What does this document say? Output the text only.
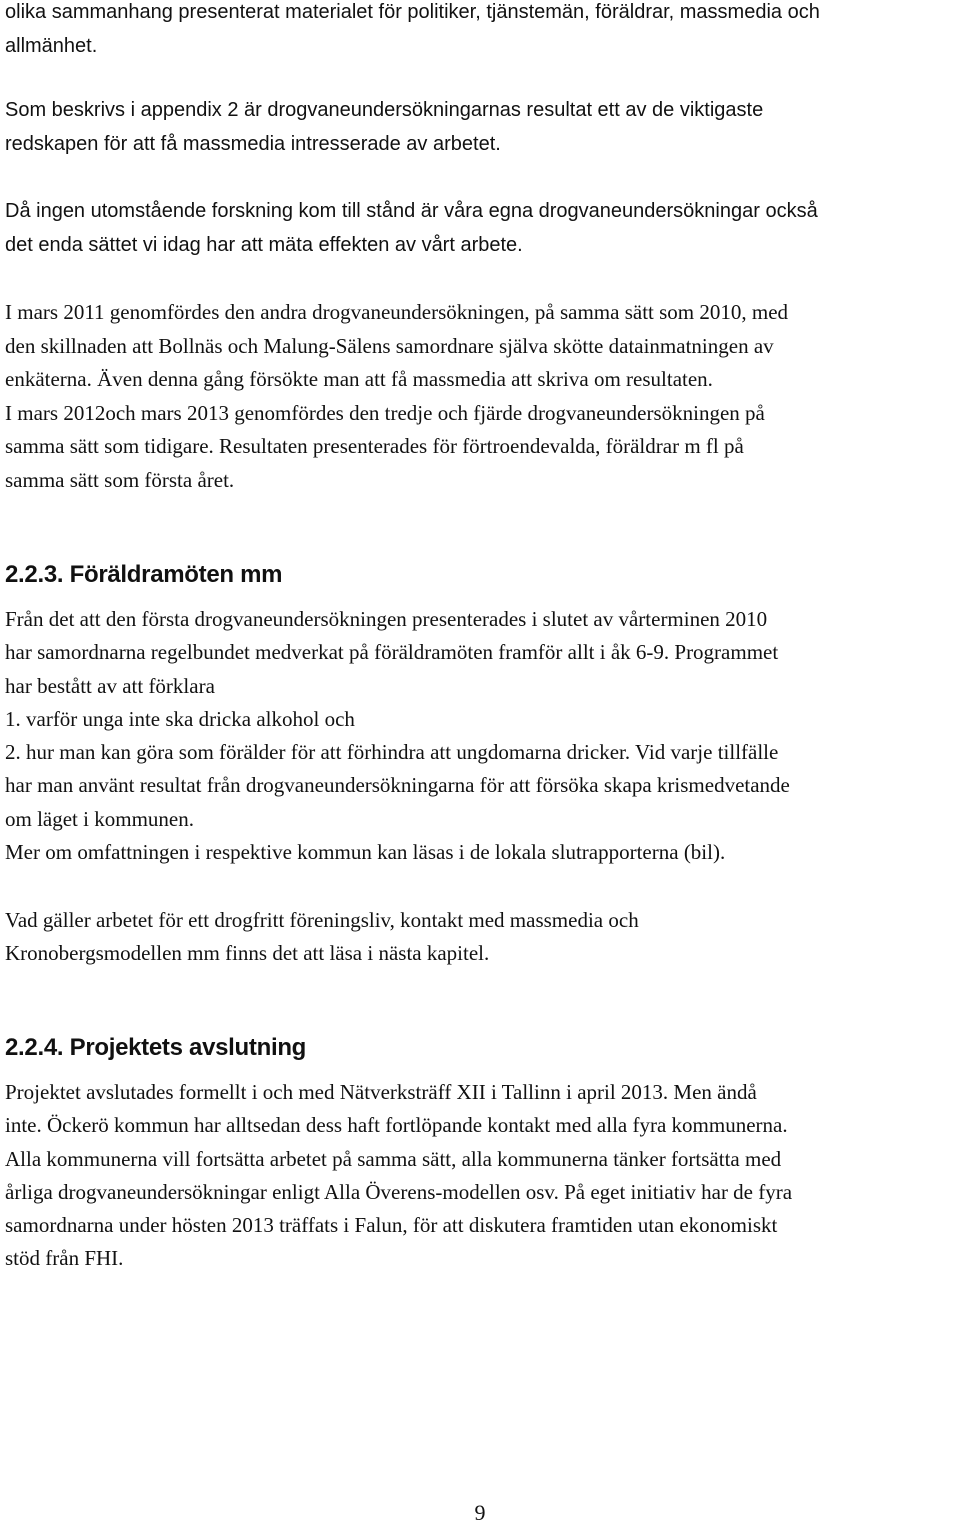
olika sammanhang presenterat materialet för politiker, tjänstemän, föräldrar, massmedia och
allmänhet.
Som beskrivs i appendix 2 är drogvaneundersökningarnas resultat ett av de viktigaste
redskapen för att få massmedia intresserade av arbetet.
Då ingen utomstående forskning kom till stånd är våra egna drogvaneundersökningar också
det enda sättet vi idag har att mäta effekten av vårt arbete.
I mars 2011 genomfördes den andra drogvaneundersökningen, på samma sätt som 2010, med
den skillnaden att Bollnäs och Malung-Sälens samordnare själva skötte datainmatningen av
enkäterna. Även denna gång försökte man att få massmedia att skriva om resultaten.
I mars 2012och mars 2013 genomfördes den tredje och fjärde drogvaneundersökningen på
samma sätt som tidigare. Resultaten presenterades för förtroendevalda, föräldrar m fl på
samma sätt som första året.
2.2.3. Föräldramöten mm
Från det att den första drogvaneundersökningen presenterades i slutet av vårterminen 2010
har samordnarna regelbundet medverkat på föräldramöten framför allt i åk 6-9. Programmet
har bestått av att förklara
1. varför unga inte ska dricka alkohol och
2. hur man kan göra som förälder för att förhindra att ungdomarna dricker. Vid varje tillfälle
har man använt resultat från drogvaneundersökningarna för att försöka skapa krismedvetande
om läget i kommunen.
Mer om omfattningen i respektive kommun kan läsas i de lokala slutrapporterna (bil).
Vad gäller arbetet för ett drogfritt föreningsliv, kontakt med massmedia och
Kronobergsmodellen mm finns det att läsa i nästa kapitel.
2.2.4. Projektets avslutning
Projektet avslutades formellt i och med Nätverksträff XII i Tallinn i april 2013. Men ändå
inte. Öckerö kommun har alltsedan dess haft fortlöpande kontakt med alla fyra kommunerna.
Alla kommunerna vill fortsätta arbetet på samma sätt, alla kommunerna tänker fortsätta med
årliga drogvaneundersökningar enligt Alla Överens-modellen osv. På eget initiativ har de fyra
samordnarna under hösten 2013 träffats i Falun, för att diskutera framtiden utan ekonomiskt
stöd från FHI.
9
